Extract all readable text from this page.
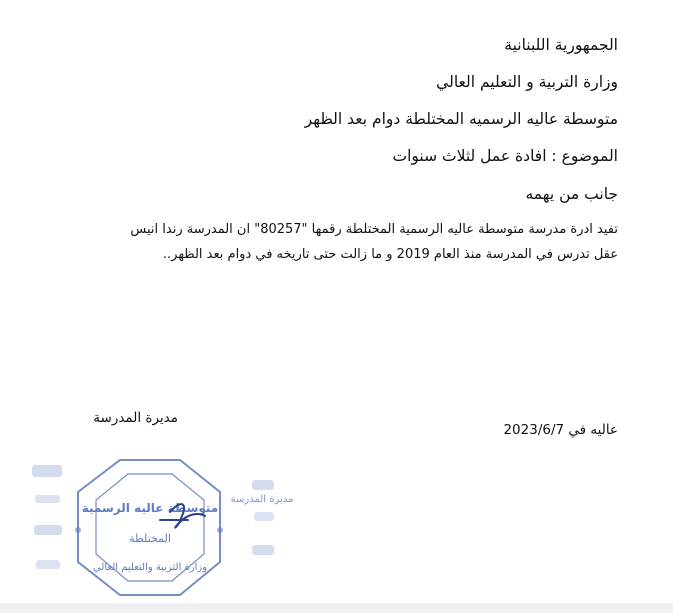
الجمهورية اللبنانية
وزارة التربية و التعليم العالي
متوسطة عاليه الرسميه المختلطة دوام بعد الظهر
الموضوع : افادة عمل لثلاث سنوات
جانب من يهمه
تفيد ادرة مدرسة متوسطة عاليه الرسمية المختلطة رقمها "80257" ان المدرسة رندا انيس
عقل تدرس في المدرسة منذ العام 2019 و ما زالت حتى تاريخه في دوام بعد الظهر..
عاليه في 2023/6/7
مديرة المدرسة
متوسطة عاليه الرسمية
المختلطة
وزارة التربية والتعليم العالي
مديرة المدرسة
